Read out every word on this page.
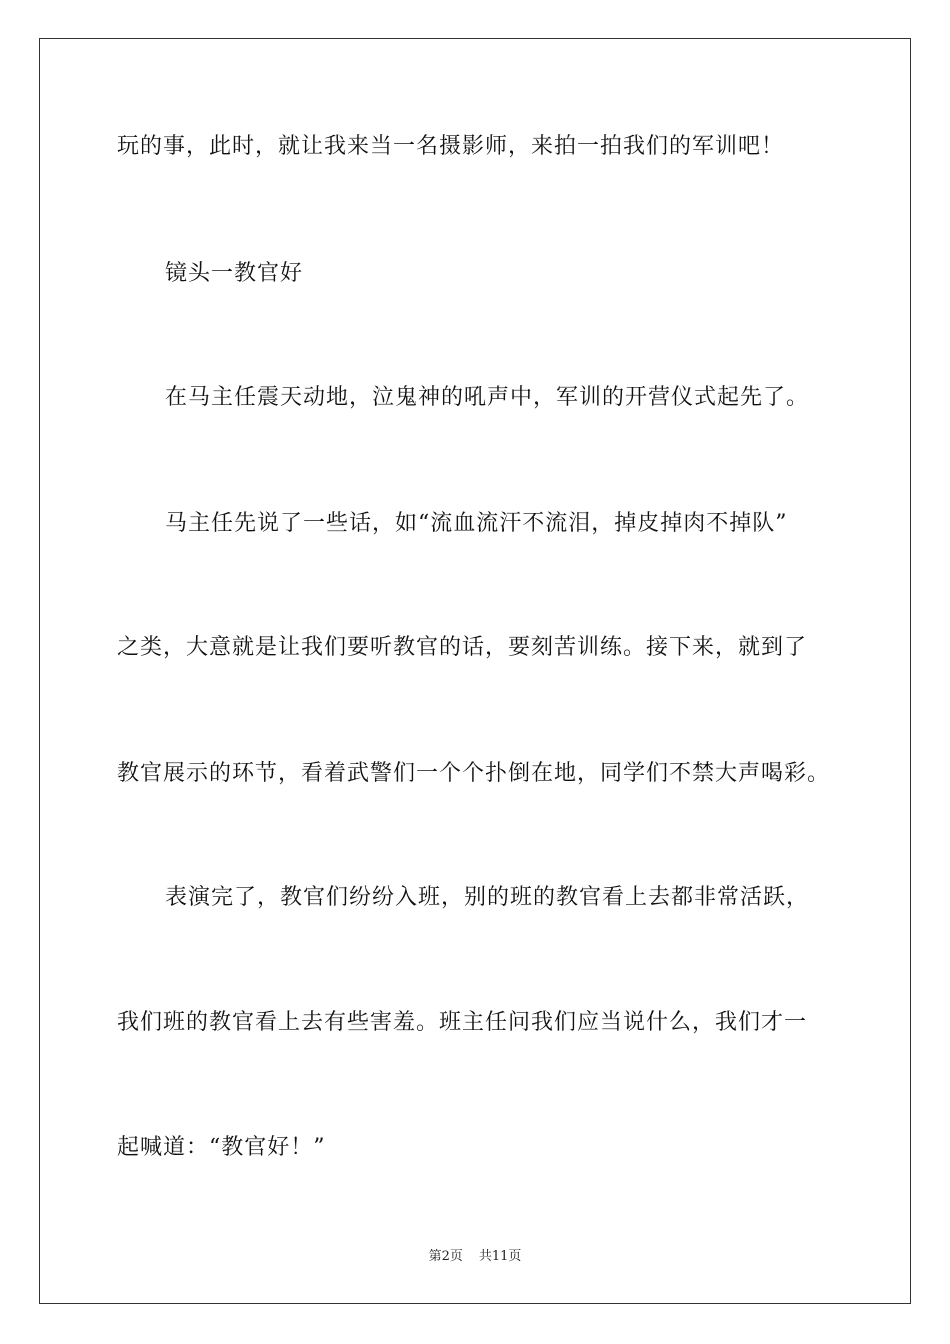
玩的事，此时，就让我来当一名摄影师，来拍一拍我们的军训吧！
镜头一教官好
在马主任震天动地，泣鬼神的吼声中，军训的开营仪式起先了。
马主任先说了一些话，如“流血流汗不流泪，掉皮掉肉不掉队”
之类，大意就是让我们要听教官的话，要刻苦训练。接下来，就到了
教官展示的环节，看着武警们一个个扑倒在地，同学们不禁大声喝彩。
表演完了，教官们纷纷入班，别的班的教官看上去都非常活跃，
我们班的教官看上去有些害羞。班主任问我们应当说什么，我们才一
起喊道：“教官好！”
第2页 共11页
